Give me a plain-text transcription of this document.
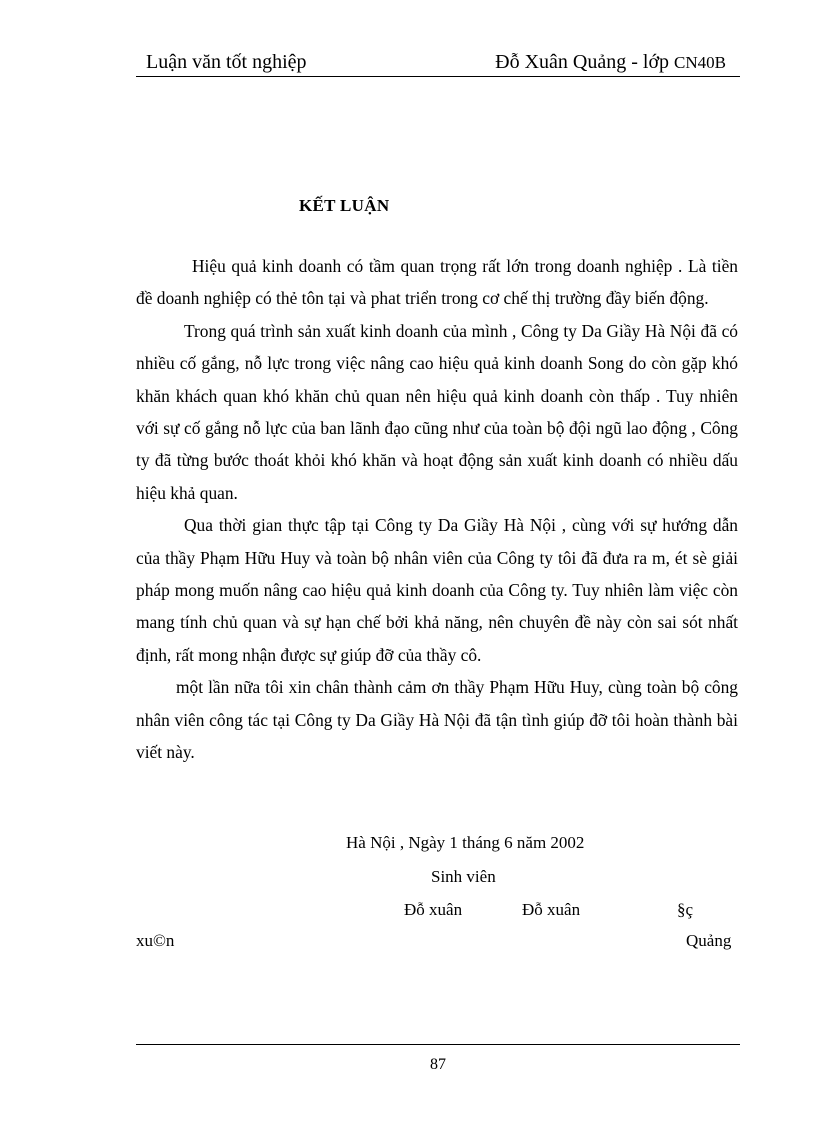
Luận văn tốt nghiệp	Đỗ Xuân Quảng - lớp CN40B
KẾT LUẬN

Hiệu quả kinh doanh có tầm quan trọng rất lớn trong doanh nghiệp . Là tiền đề doanh nghiệp có thẻ tôn tại và phat triển trong cơ chế thị trường đầy biến động.

Trong quá trình sản xuất kinh doanh của mình , Công ty Da Giầy Hà Nội đã có nhiều cố gắng, nỗ lực trong việc nâng cao hiệu quả kinh doanh Song do còn gặp khó khăn khách quan khó khăn chủ quan nên hiệu quả kinh doanh còn thấp . Tuy nhiên với sự cố gắng nỗ lực của ban lãnh đạo cũng như của toàn bộ đội ngũ lao động , Công ty đã từng bước thoát khỏi khó khăn và hoạt động sản xuất kinh doanh có nhiều dấu hiệu khả quan.

Qua thời gian thực tập tại Công ty Da Giầy Hà Nội , cùng với sự hướng dẫn của thầy Phạm Hữu Huy và toàn bộ nhân viên của Công ty tôi đã đưa ra m, ét sè giải pháp mong muốn nâng cao hiệu quả kinh doanh của Công ty. Tuy nhiên làm việc còn mang tính chủ quan và sự hạn chế bởi khả năng, nên chuyên đề này còn sai sót nhất định, rất mong nhận được sự giúp đỡ của thầy cô.

một lần nữa tôi xin chân thành cảm ơn thầy Phạm Hữu Huy, cùng toàn bộ công nhân viên công tác tại Công ty Da Giầy Hà Nội đã tận tình giúp đỡ tôi hoàn thành bài viết này.

Hà Nội , Ngày 1 tháng 6 năm 2002
Sinh viên
Đỗ xuân	Đỗ xuân	§ç
xu©n	Quảng
87
